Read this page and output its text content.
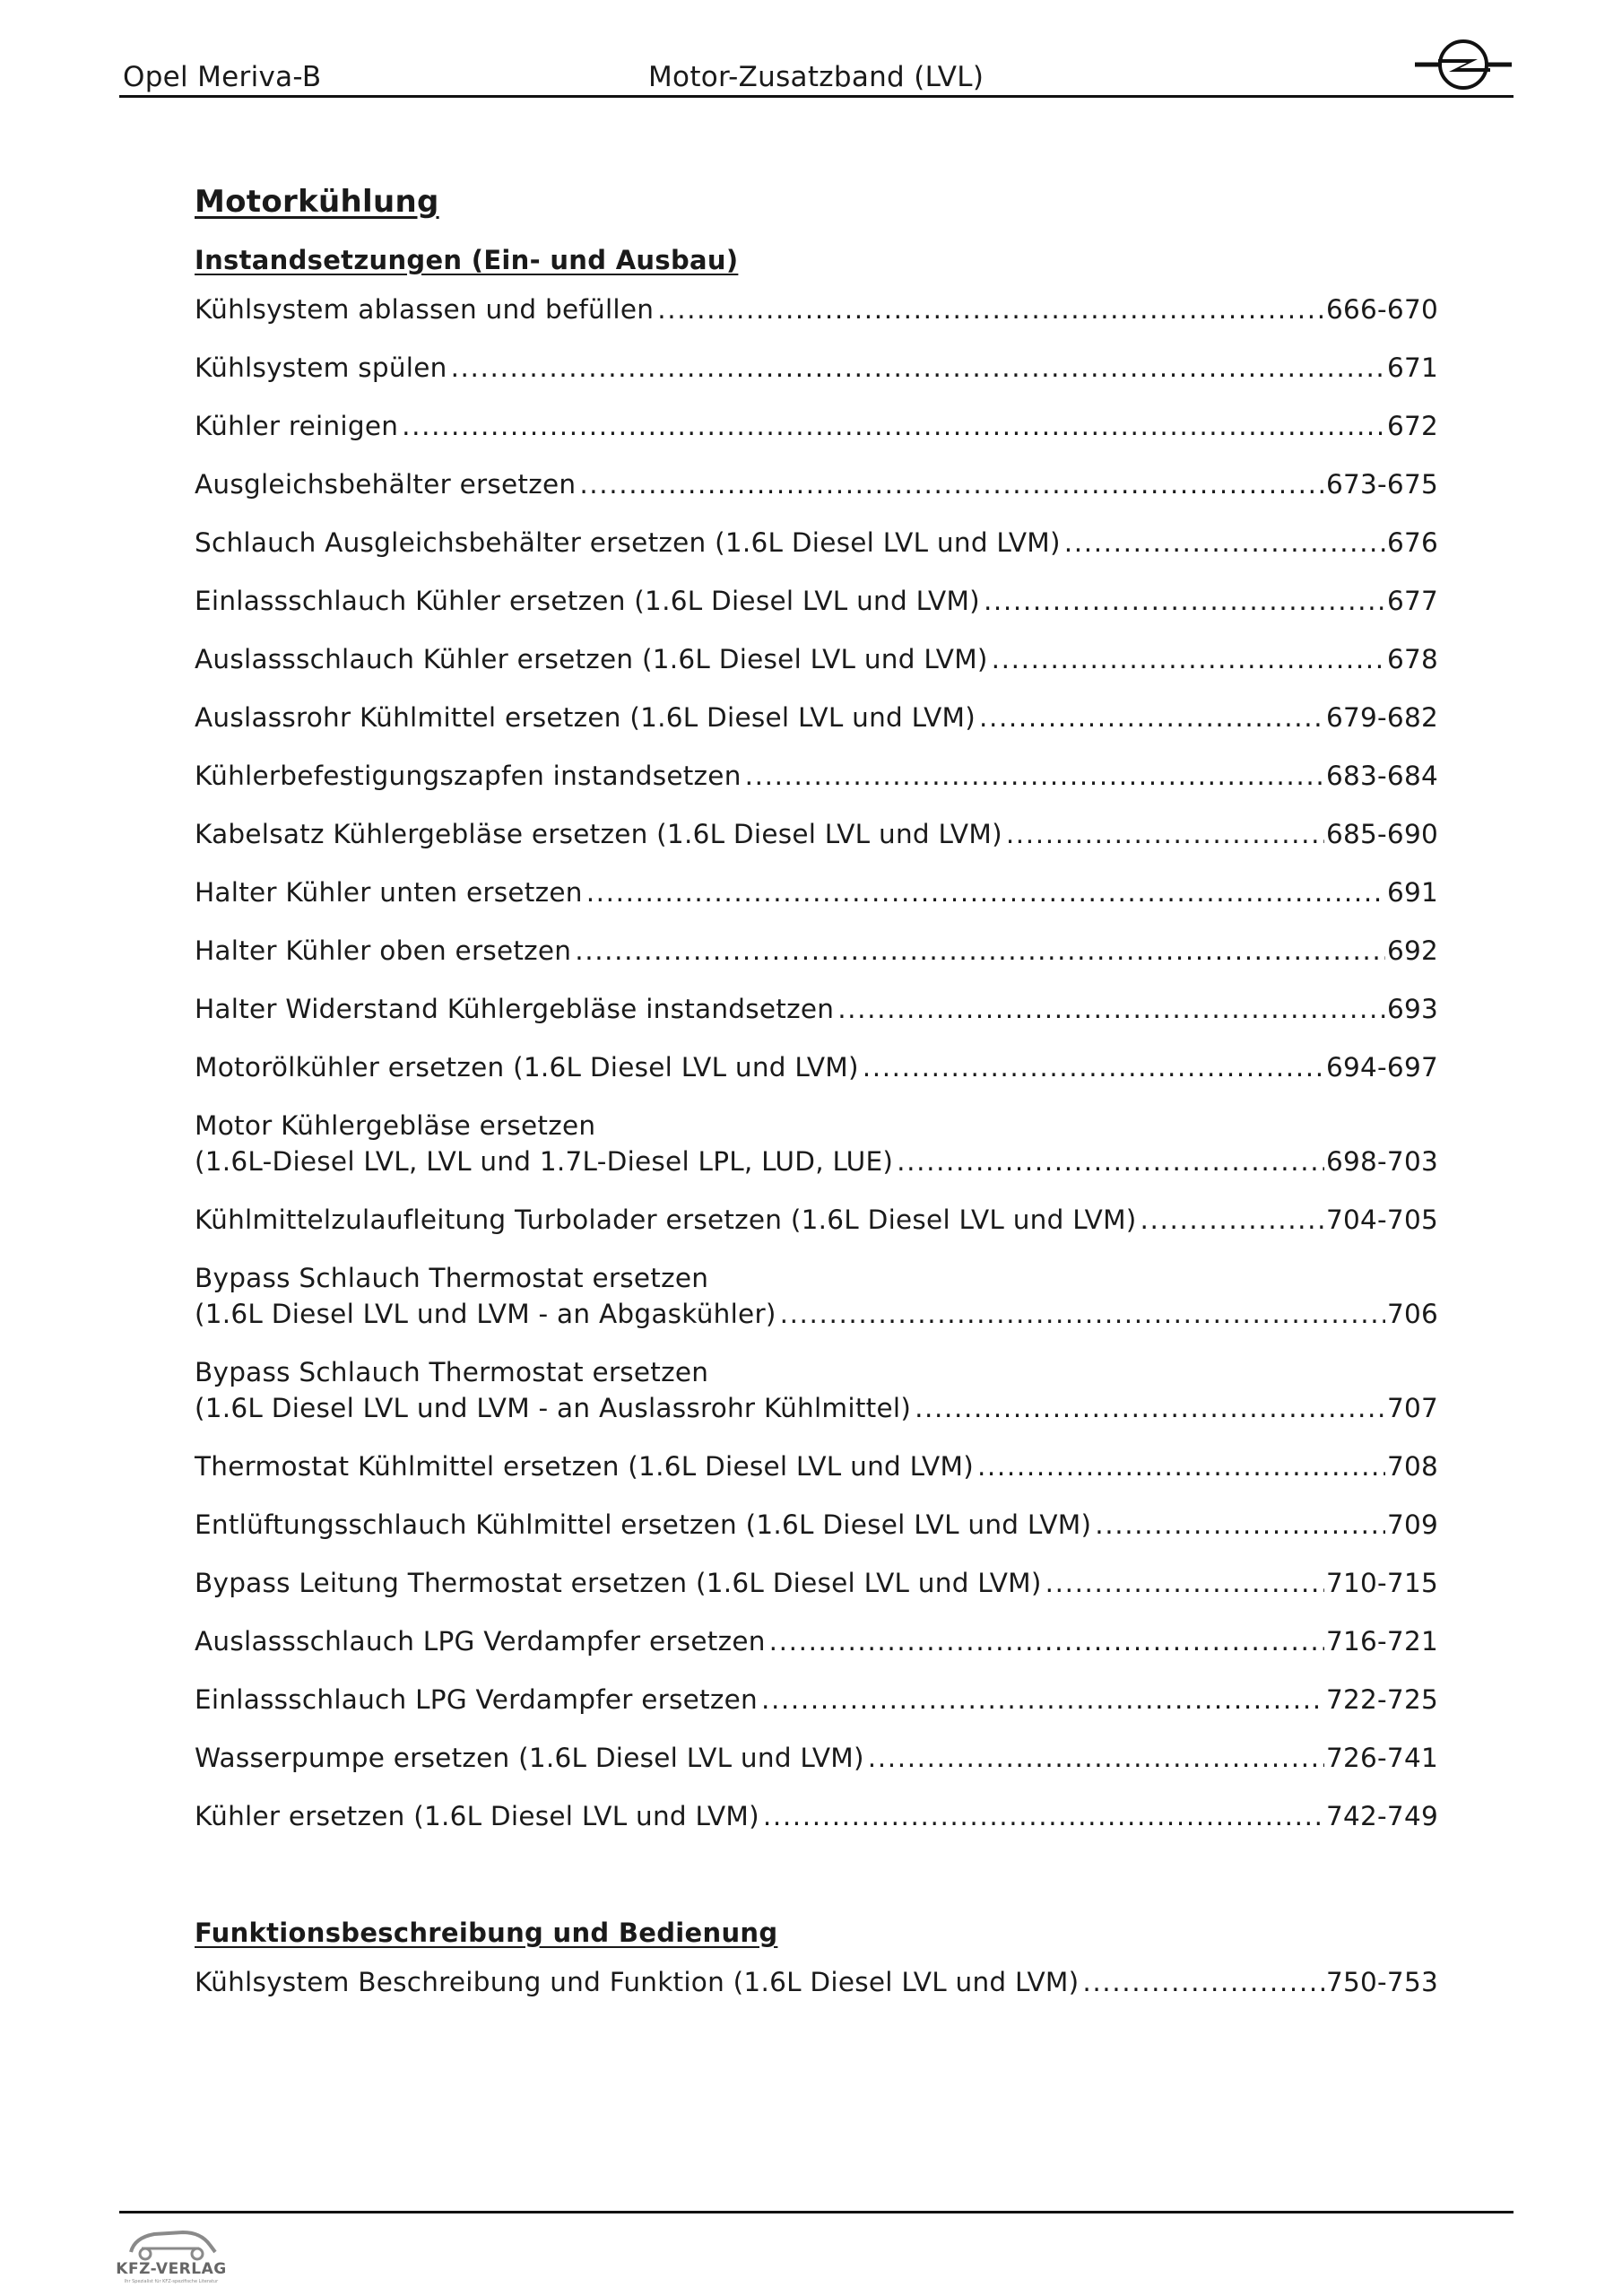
Opel Meriva-B	Motor-Zusatzband (LVL)
Motorkühlung
Instandsetzungen (Ein- und Ausbau)
Kühlsystem ablassen und befüllen .....	666-670
Kühlsystem spülen .....	671
Kühler reinigen .....	672
Ausgleichsbehälter ersetzen .....	673-675
Schlauch Ausgleichsbehälter ersetzen (1.6L Diesel LVL und LVM) .....	676
Einlassschlauch Kühler ersetzen (1.6L Diesel LVL und LVM) .....	677
Auslassschlauch Kühler ersetzen (1.6L Diesel LVL und LVM) .....	678
Auslassrohr Kühlmittel ersetzen (1.6L Diesel LVL und LVM) .....	679-682
Kühlerbefestigungszapfen instandsetzen .....	683-684
Kabelsatz Kühlergebläse ersetzen (1.6L Diesel LVL und LVM) .....	685-690
Halter Kühler unten ersetzen .....	691
Halter Kühler oben ersetzen .....	692
Halter Widerstand Kühlergebläse instandsetzen .....	693
Motorölkühler ersetzen (1.6L Diesel LVL und LVM) .....	694-697
Motor Kühlergebläse ersetzen
(1.6L-Diesel LVL, LVL und 1.7L-Diesel LPL, LUD, LUE) .....	698-703
Kühlmittelzulaufleitung Turbolader ersetzen (1.6L Diesel LVL und LVM) .....	704-705
Bypass Schlauch Thermostat ersetzen
(1.6L Diesel LVL und LVM - an Abgaskühler) .....	706
Bypass Schlauch Thermostat ersetzen
(1.6L Diesel LVL und LVM - an Auslassrohr Kühlmittel) .....	707
Thermostat Kühlmittel ersetzen (1.6L Diesel LVL und LVM) .....	708
Entlüftungsschlauch Kühlmittel ersetzen (1.6L Diesel LVL und LVM) .....	709
Bypass Leitung Thermostat ersetzen (1.6L Diesel LVL und LVM) .....	710-715
Auslassschlauch LPG Verdampfer ersetzen .....	716-721
Einlassschlauch LPG Verdampfer ersetzen .....	722-725
Wasserpumpe ersetzen (1.6L Diesel LVL und LVM) .....	726-741
Kühler ersetzen (1.6L Diesel LVL und LVM) .....	742-749
Funktionsbeschreibung und Bedienung
Kühlsystem Beschreibung und Funktion (1.6L Diesel LVL und LVM) .....	750-753
KFZ-VERLAG
Ihr Spezialist für KFZ-spezifische Literatur
